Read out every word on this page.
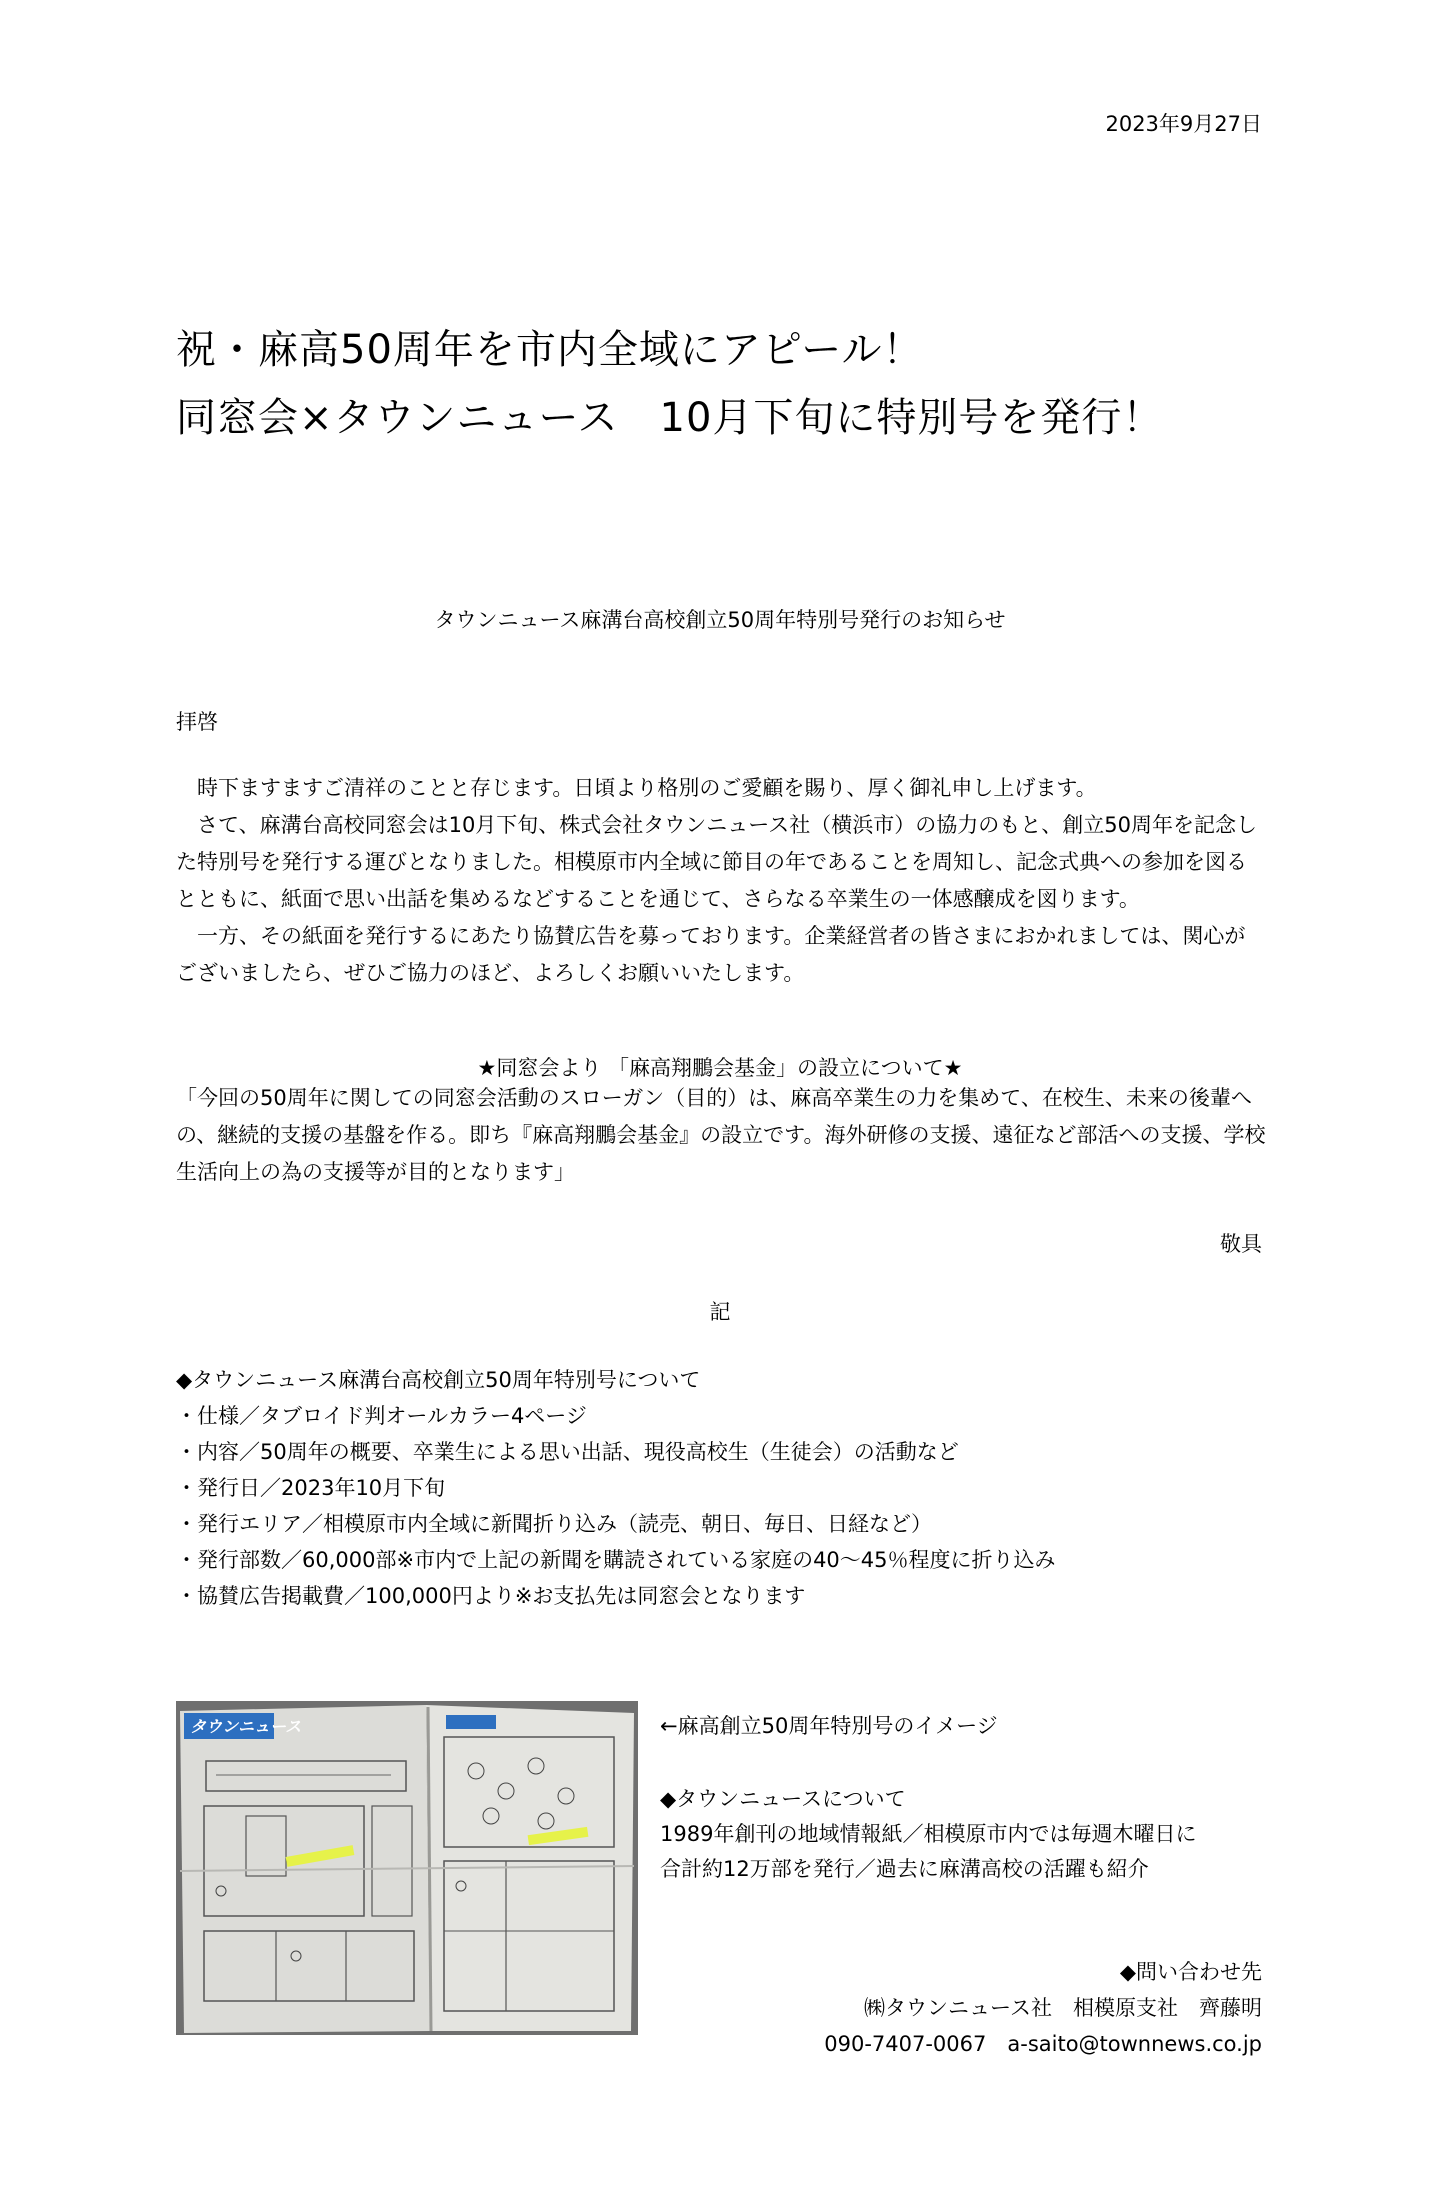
2023年9月27日
祝・麻高50周年を市内全域にアピール！
同窓会×タウンニュース　10月下旬に特別号を発行！
タウンニュース麻溝台高校創立50周年特別号発行のお知らせ
拝啓

　時下ますますご清祥のことと存じます。日頃より格別のご愛顧を賜り、厚く御礼申し上げます。

　さて、麻溝台高校同窓会は10月下旬、株式会社タウンニュース社（横浜市）の協力のもと、創立50周年を記念した特別号を発行する運びとなりました。相模原市内全域に節目の年であることを周知し、記念式典への参加を図るとともに、紙面で思い出話を集めるなどすることを通じて、さらなる卒業生の一体感醸成を図ります。

　一方、その紙面を発行するにあたり協賛広告を募っております。企業経営者の皆さまにおかれましては、関心がございましたら、ぜひご協力のほど、よろしくお願いいたします。

★同窓会より 「麻高翔鵬会基金」の設立について★
「今回の50周年に関しての同窓会活動のスローガン（目的）は、麻高卒業生の力を集めて、在校生、未来の後輩への、継続的支援の基盤を作る。即ち『麻高翔鵬会基金』の設立です。海外研修の支援、遠征など部活への支援、学校生活向上の為の支援等が目的となります」
敬具
記
◆タウンニュース麻溝台高校創立50周年特別号について
・仕様／タブロイド判オールカラー4ページ
・内容／50周年の概要、卒業生による思い出話、現役高校生（生徒会）の活動など
・発行日／2023年10月下旬
・発行エリア／相模原市内全域に新聞折り込み（読売、朝日、毎日、日経など）
・発行部数／60,000部※市内で上記の新聞を購読されている家庭の40～45％程度に折り込み
・協賛広告掲載費／100,000円より※お支払先は同窓会となります
タウンニュース	←麻高創立50周年特別号のイメージ
◆タウンニュースについて
1989年創刊の地域情報紙／相模原市内では毎週木曜日に
合計約12万部を発行／過去に麻溝高校の活躍も紹介
◆問い合わせ先
㈱タウンニュース社　相模原支社　齊藤明
090-7407-0067　a-saito@townnews.co.jp
